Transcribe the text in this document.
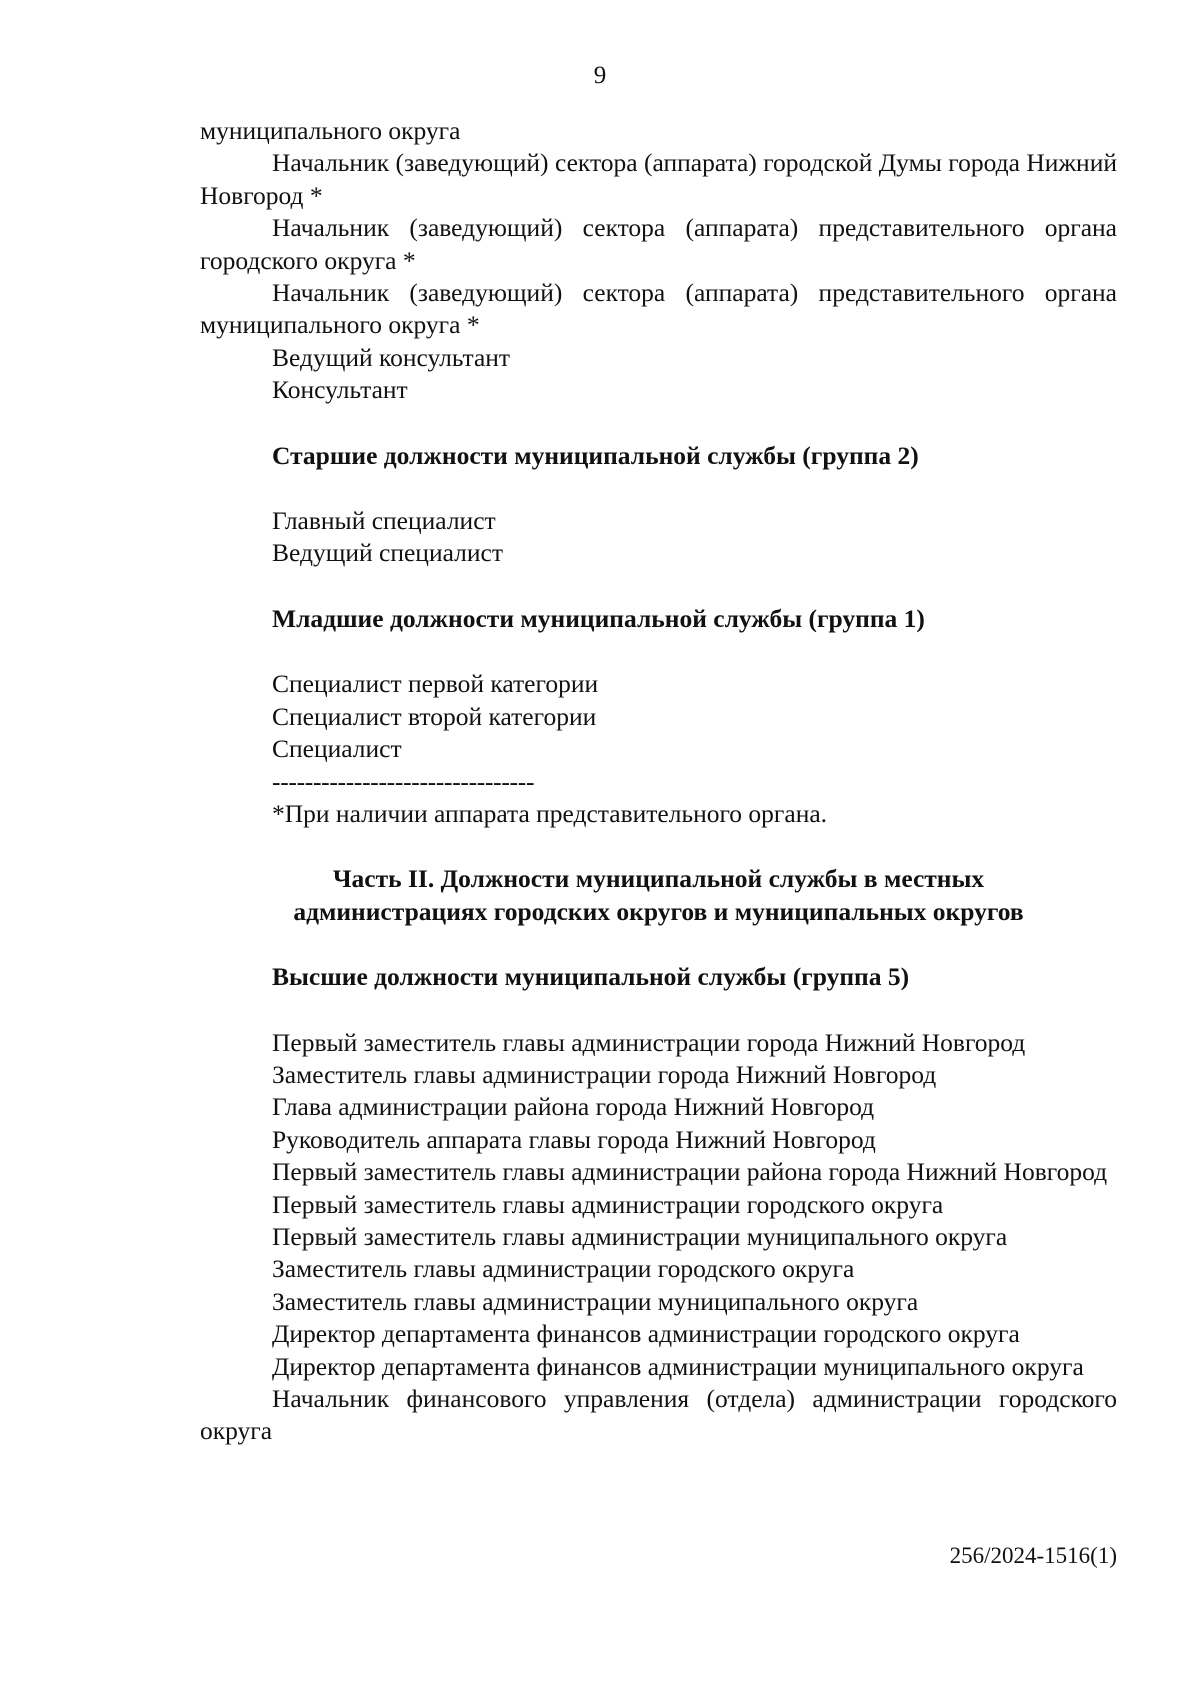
9

муниципального округа

Начальник (заведующий) сектора (аппарата) городской Думы города Нижний Новгород *

Начальник (заведующий) сектора (аппарата) представительного органа городского округа *

Начальник (заведующий) сектора (аппарата) представительного органа муниципального округа *

Ведущий консультант

Консультант

Старшие должности муниципальной службы (группа 2)

Главный специалист

Ведущий специалист

Младшие должности муниципальной службы (группа 1)

Специалист первой категории

Специалист второй категории

Специалист

--------------------------------

*При наличии аппарата представительного органа.

Часть II. Должности муниципальной службы в местных

администрациях городских округов и муниципальных округов

Высшие должности муниципальной службы (группа 5)

Первый заместитель главы администрации города Нижний Новгород

Заместитель главы администрации города Нижний Новгород

Глава администрации района города Нижний Новгород

Руководитель аппарата главы города Нижний Новгород

Первый заместитель главы администрации района города Нижний Новгород

Первый заместитель главы администрации городского округа

Первый заместитель главы администрации муниципального округа

Заместитель главы администрации городского округа

Заместитель главы администрации муниципального округа

Директор департамента финансов администрации городского округа

Директор департамента финансов администрации муниципального округа

Начальник финансового управления (отдела) администрации городского округа

256/2024-1516(1)
